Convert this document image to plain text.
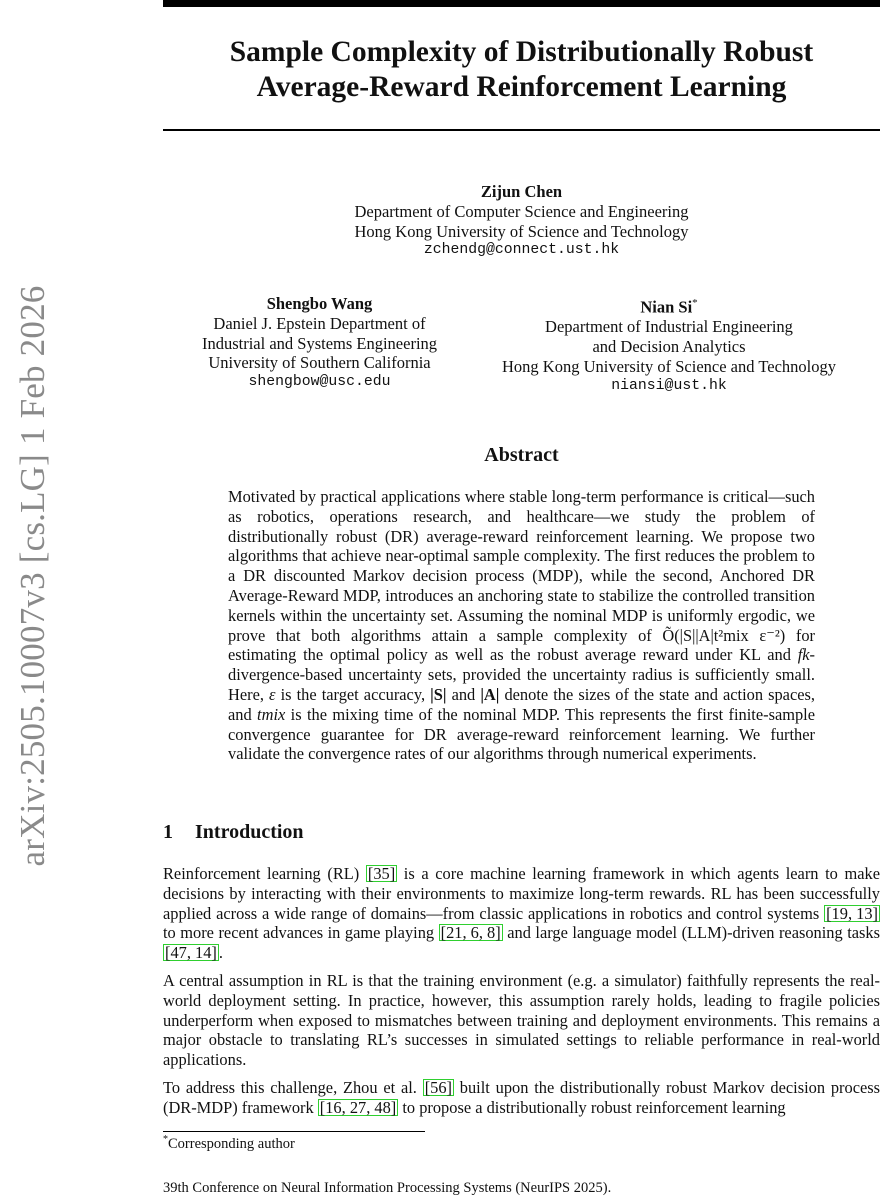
arXiv:2505.10007v3 [cs.LG] 1 Feb 2026
Sample Complexity of Distributionally Robust
Average-Reward Reinforcement Learning
Zijun Chen
Department of Computer Science and Engineering
Hong Kong University of Science and Technology
zchendg@connect.ust.hk
Shengbo Wang
Daniel J. Epstein Department of
Industrial and Systems Engineering
University of Southern California
shengbow@usc.edu
Nian Si*
Department of Industrial Engineering
and Decision Analytics
Hong Kong University of Science and Technology
niansi@ust.hk
Abstract
Motivated by practical applications where stable long-term performance is critical—such as robotics, operations research, and healthcare—we study the problem of distributionally robust (DR) average-reward reinforcement learning. We propose two algorithms that achieve near-optimal sample complexity. The first reduces the problem to a DR discounted Markov decision process (MDP), while the second, Anchored DR Average-Reward MDP, introduces an anchoring state to stabilize the controlled transition kernels within the uncertainty set. Assuming the nominal MDP is uniformly ergodic, we prove that both algorithms attain a sample complexity of Õ(|S||A|t²mix ε⁻²) for estimating the optimal policy as well as the robust average reward under KL and fk-divergence-based uncertainty sets, provided the uncertainty radius is sufficiently small. Here, ε is the target accuracy, |S| and |A| denote the sizes of the state and action spaces, and tmix is the mixing time of the nominal MDP. This represents the first finite-sample convergence guarantee for DR average-reward reinforcement learning. We further validate the convergence rates of our algorithms through numerical experiments.
1 Introduction

Reinforcement learning (RL) [35] is a core machine learning framework in which agents learn to make decisions by interacting with their environments to maximize long-term rewards. RL has been successfully applied across a wide range of domains—from classic applications in robotics and control systems [19, 13] to more recent advances in game playing [21, 6, 8] and large language model (LLM)-driven reasoning tasks [47, 14] .

A central assumption in RL is that the training environment (e.g. a simulator) faithfully represents the real-world deployment setting. In practice, however, this assumption rarely holds, leading to fragile policies underperform when exposed to mismatches between training and deployment environments. This remains a major obstacle to translating RL’s successes in simulated settings to reliable performance in real-world applications.

To address this challenge, Zhou et al. [56] built upon the distributionally robust Markov decision process (DR-MDP) framework [16, 27, 48] to propose a distributionally robust reinforcement learning

*Corresponding author
39th Conference on Neural Information Processing Systems (NeurIPS 2025).
